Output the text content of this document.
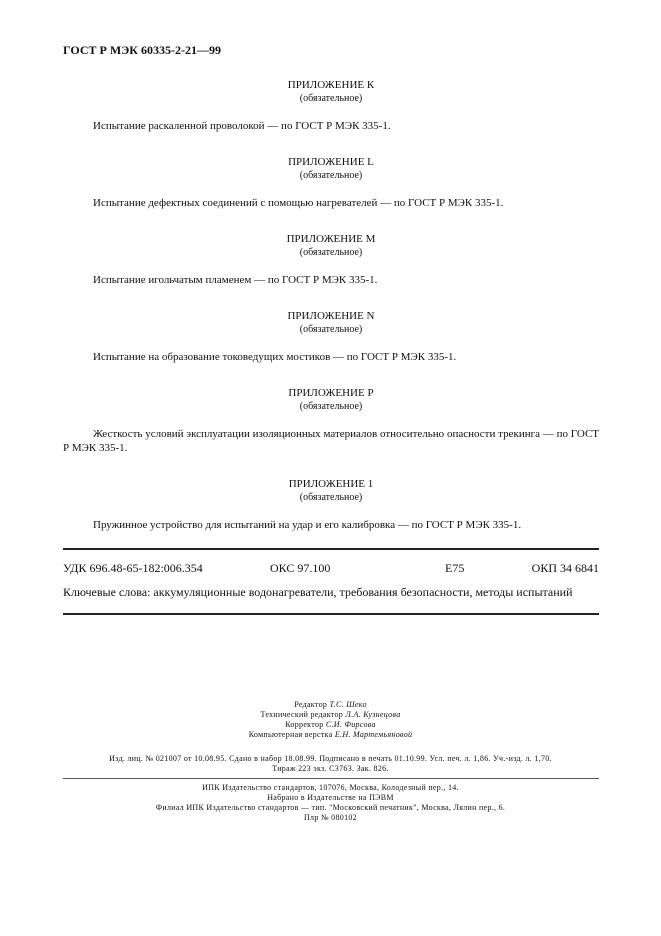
ГОСТ Р МЭК 60335-2-21—99
ПРИЛОЖЕНИЕ К
(обязательное)

Испытание раскаленной проволокой — по ГОСТ Р МЭК 335-1.

ПРИЛОЖЕНИЕ L
(обязательное)

Испытание дефектных соединений с помощью нагревателей — по ГОСТ Р МЭК 335-1.

ПРИЛОЖЕНИЕ М
(обязательное)

Испытание игольчатым пламенем — по ГОСТ Р МЭК 335-1.

ПРИЛОЖЕНИЕ N
(обязательное)

Испытание на образование токоведущих мостиков — по ГОСТ Р МЭК 335-1.

ПРИЛОЖЕНИЕ Р
(обязательное)

Жесткость условий эксплуатации изоляционных материалов относительно опасности трекинга — по ГОСТ Р МЭК 335-1.

ПРИЛОЖЕНИЕ 1
(обязательное)

Пружинное устройство для испытаний на удар и его калибровка — по ГОСТ Р МЭК 335-1.

УДК 696.48-65-182:006.354	ОКС 97.100	Е75	ОКП 34 6841
Ключевые слова: аккумуляционные водонагреватели, требования безопасности, методы испытаний
Редактор Т.С. Шеко
Технический редактор Л.А. Кузнецова
Корректор С.И. Фирсова
Компьютерная верстка Е.Н. Мартемьяновой
Изд. лиц. № 021007 от 10.08.95. Сдано в набор 18.08.99. Подписано в печать 01.10.99. Усл. печ. л. 1,86. Уч.-изд. л. 1,70.
Тираж 223 экз. С3763. Зак. 826.
ИПК Издательство стандартов, 107076, Москва, Колодезный пер., 14.
Набрано в Издательстве на ПЭВМ
Филиал ИПК Издательство стандартов — тип. "Московский печатник", Москва, Лялин пер., 6.
Плр № 080102
